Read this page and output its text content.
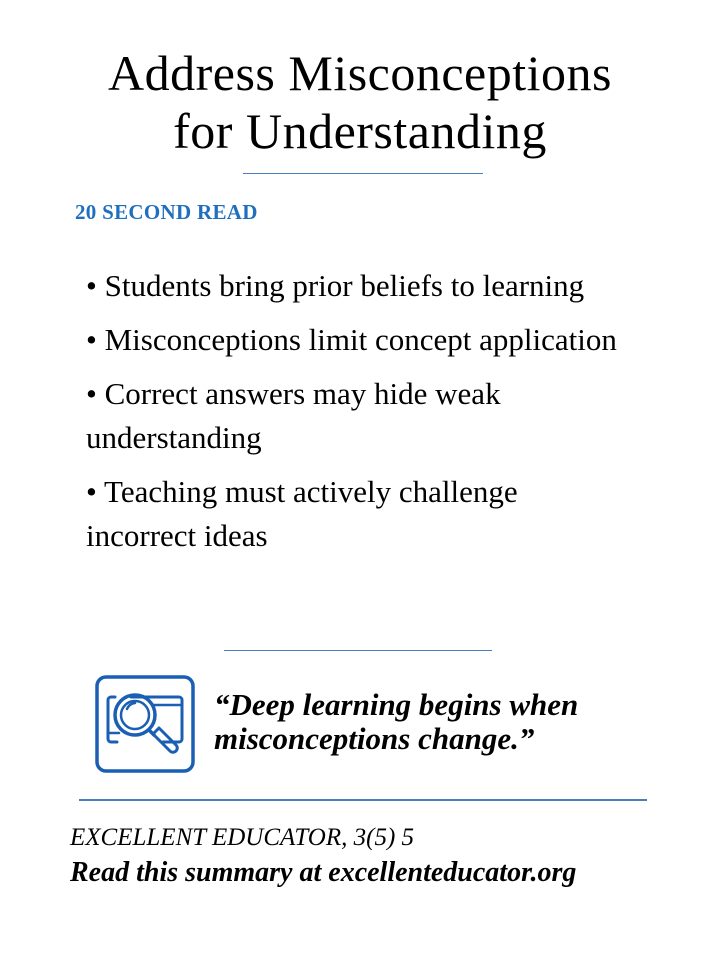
Address Misconceptions
for Understanding
20 SECOND READ
• Students bring prior beliefs to learning
• Misconceptions limit concept application
• Correct answers may hide weak understanding
• Teaching must actively challenge incorrect ideas
“Deep learning begins when misconceptions change.”
EXCELLENT EDUCATOR, 3(5) 5
Read this summary at excellenteducator.org
